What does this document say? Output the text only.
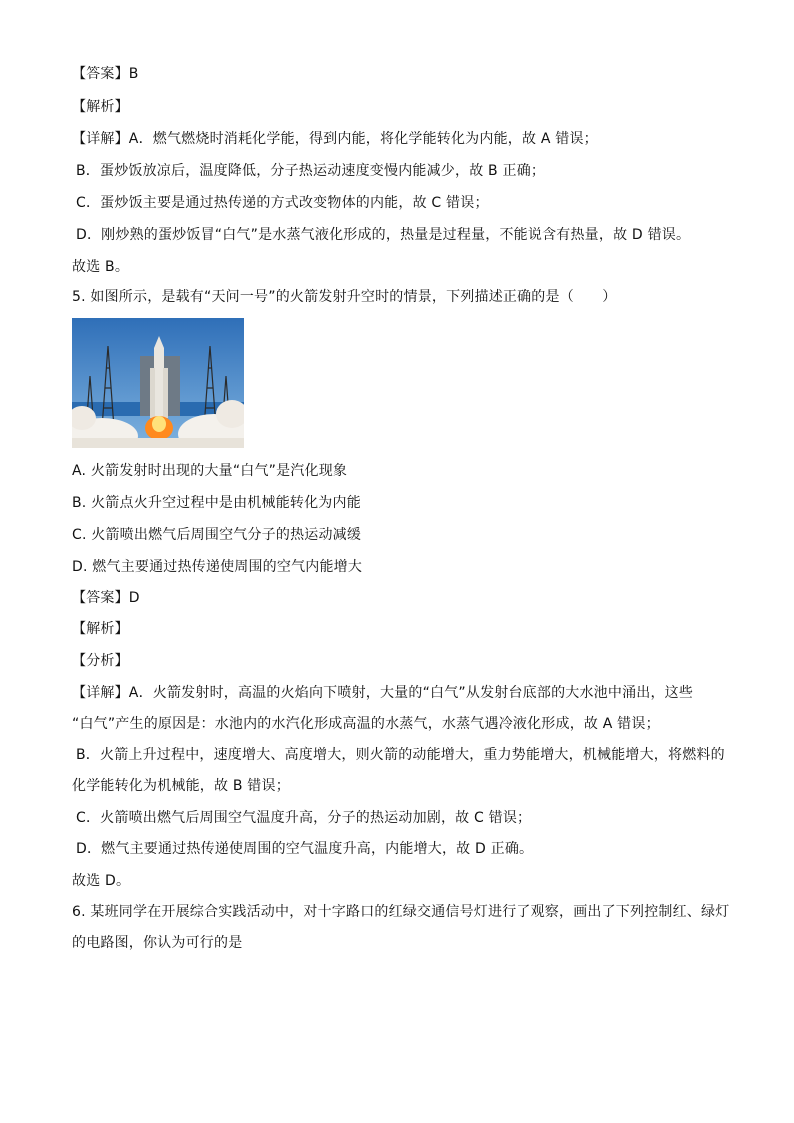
【答案】B
【解析】
【详解】A．燃气燃烧时消耗化学能，得到内能，将化学能转化为内能，故 A 错误；
B．蛋炒饭放凉后，温度降低，分子热运动速度变慢内能减少，故 B 正确；
C．蛋炒饭主要是通过热传递的方式改变物体的内能，故 C 错误；
D．刚炒熟的蛋炒饭冒“白气”是水蒸气液化形成的，热量是过程量，不能说含有热量，故 D 错误。
故选 B。
5. 如图所示，是载有“天问一号”的火箭发射升空时的情景，下列描述正确的是（　　）
A. 火箭发射时出现的大量“白气”是汽化现象
B. 火箭点火升空过程中是由机械能转化为内能
C. 火箭喷出燃气后周围空气分子的热运动减缓
D. 燃气主要通过热传递使周围的空气内能增大
【答案】D
【解析】
【分析】
【详解】A．火箭发射时，高温的火焰向下喷射，大量的“白气”从发射台底部的大水池中涌出，这些
“白气”产生的原因是：水池内的水汽化形成高温的水蒸气，水蒸气遇冷液化形成，故 A 错误；
B．火箭上升过程中，速度增大、高度增大，则火箭的动能增大，重力势能增大，机械能增大，将燃料的
化学能转化为机械能，故 B 错误；
C．火箭喷出燃气后周围空气温度升高，分子的热运动加剧，故 C 错误；
D．燃气主要通过热传递使周围的空气温度升高，内能增大，故 D 正确。
故选 D。
6. 某班同学在开展综合实践活动中，对十字路口的红绿交通信号灯进行了观察，画出了下列控制红、绿灯
的电路图，你认为可行的是
